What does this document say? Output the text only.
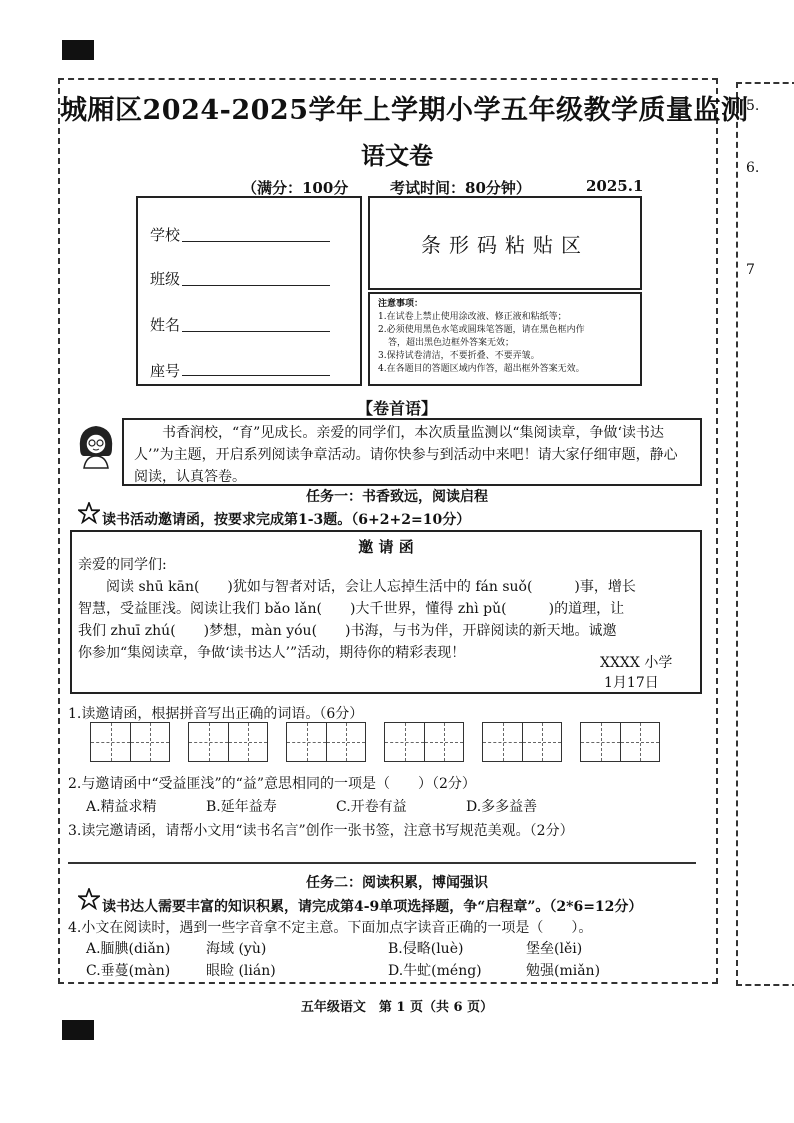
5.
6.
7
城厢区2024-2025学年上学期小学五年级教学质量监测
语文卷
（满分：100分	考试时间：80分钟）	2025.1
学校
班级
姓名
座号
条形码粘贴区
注意事项：
1.在试卷上禁止使用涂改液、修正液和粘纸等；
2.必须使用黑色水笔或圆珠笔答题，请在黑色框内作
答，超出黑色边框外答案无效；
3.保持试卷清洁，不要折叠、不要弄皱。
4.在各题目的答题区域内作答，超出框外答案无效。
【卷首语】
书香润校，“育”见成长。亲爱的同学们，本次质量监测以“集阅读章，争做‘读书达人’”为主题，开启系列阅读争章活动。请你快参与到活动中来吧！请大家仔细审题，静心阅读，认真答卷。
任务一：书香致远，阅读启程
读书活动邀请函，按要求完成第1-3题。（6+2+2=10分）
邀 请 函
亲爱的同学们:
阅读 shū kān(　　)犹如与智者对话，会让人忘掉生活中的 fán suǒ(　　　)事，增长
智慧，受益匪浅。阅读让我们 bǎo lǎn(　　)大千世界，懂得 zhì pǔ(　　　)的道理，让
我们 zhuī zhú(　　)梦想，màn yóu(　　)书海，与书为伴，开辟阅读的新天地。诚邀
你参加“集阅读章，争做‘读书达人’”活动，期待你的精彩表现！
XXXX 小学
1月17日
1.读邀请函，根据拼音写出正确的词语。（6分）
2.与邀请函中“受益匪浅”的“益”意思相同的一项是（　　）（2分）
A.精益求精	B.延年益寿	C.开卷有益	D.多多益善
3.读完邀请函，请帮小文用“读书名言”创作一张书签，注意书写规范美观。（2分）
任务二：阅读积累，博闻强识
读书达人需要丰富的知识积累，请完成第4-9单项选择题，争“启程章”。（2*6=12分）
4.小文在阅读时，遇到一些字音拿不定主意。下面加点字读音正确的一项是（　　）。
A.腼腆(diǎn)	海域 (yù)	B.侵略(luè)	堡垒(lěi)
C.垂蔓(màn)	眼睑 (lián)	D.牛虻(méng)	勉强(miǎn)
五年级语文　第 1 页（共 6 页）
